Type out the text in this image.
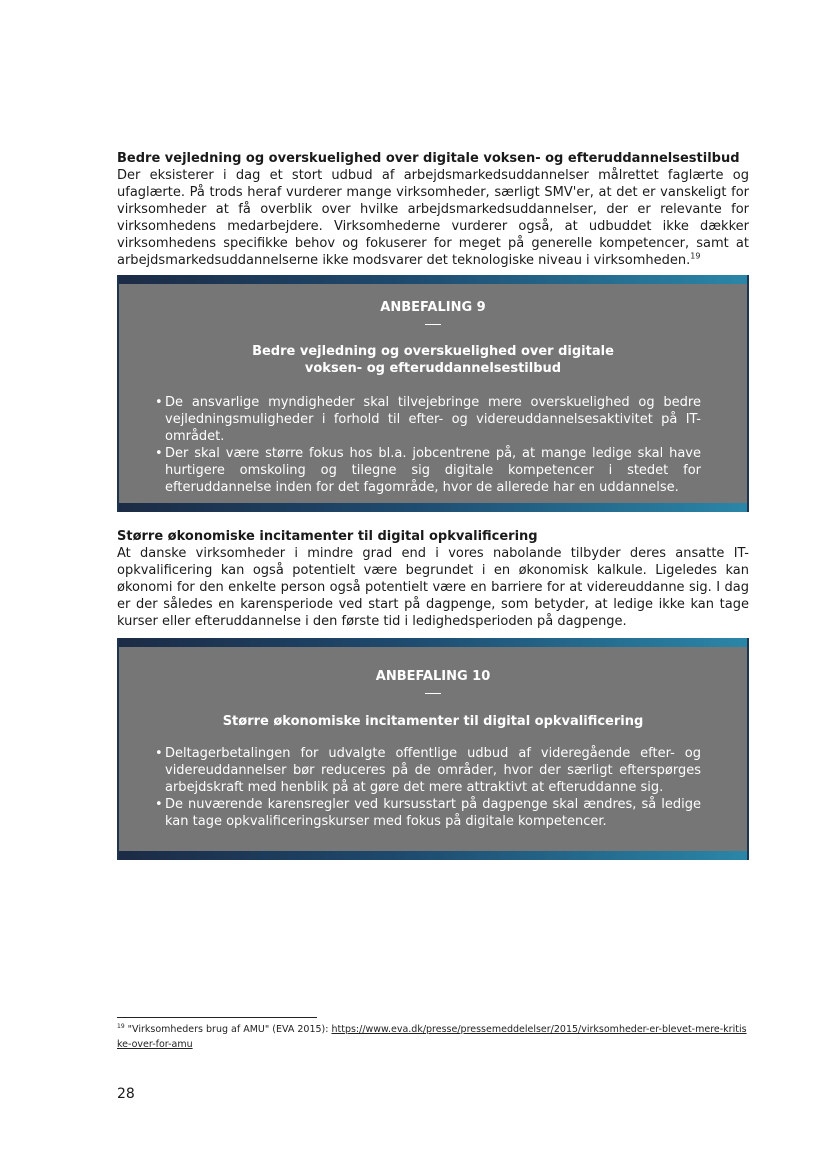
Bedre vejledning og overskuelighed over digitale voksen- og efteruddannelsestilbud

Der eksisterer i dag et stort udbud af arbejdsmarkedsuddannelser målrettet faglærte og ufaglærte. På trods heraf vurderer mange virksomheder, særligt SMV'er, at det er vanskeligt for virksomheder at få overblik over hvilke arbejdsmarkedsuddannelser, der er relevante for virksomhedens medarbejdere. Virksomhederne vurderer også, at udbuddet ikke dækker virksomhedens specifikke behov og fokuserer for meget på generelle kompetencer, samt at arbejdsmarkedsuddannelserne ikke modsvarer det teknologiske niveau i virksomheden.$^{19}$

ANBEFALING 9

Bedre vejledning og overskuelighed over digitale

voksen- og efteruddannelsestilbud

• De ansvarlige myndigheder skal tilvejebringe mere overskuelighed og bedre vejledningsmuligheder i forhold til efter- og videreuddannelsesaktivitet på IT-området.
• Der skal være større fokus hos bl.a. jobcentrene på, at mange ledige skal have hurtigere omskoling og tilegne sig digitale kompetencer i stedet for efteruddannelse inden for det fagområde, hvor de allerede har en uddannelse.

Større økonomiske incitamenter til digital opkvalificering

At danske virksomheder i mindre grad end i vores nabolande tilbyder deres ansatte IT-opkvalificering kan også potentielt være begrundet i en økonomisk kalkule. Ligeledes kan økonomi for den enkelte person også potentielt være en barriere for at videreuddanne sig. I dag er der således en karensperiode ved start på dagpenge, som betyder, at ledige ikke kan tage kurser eller efteruddannelse i den første tid i ledighedsperioden på dagpenge.

ANBEFALING 10

Større økonomiske incitamenter til digital opkvalificering

• Deltagerbetalingen for udvalgte offentlige udbud af videregående efter- og videreuddannelser bør reduceres på de områder, hvor der særligt efterspørges arbejdskraft med henblik på at gøre det mere attraktivt at efteruddanne sig.
• De nuværende karensregler ved kursusstart på dagpenge skal ændres, så ledige kan tage opkvalificeringskurser med fokus på digitale kompetencer.
$^{19}$ "Virksomheders brug af AMU" (EVA 2015): https://www.eva.dk/presse/pressemeddelelser/2015/virksomheder-er-blevet-mere-kritiske-over-for-amu
28
